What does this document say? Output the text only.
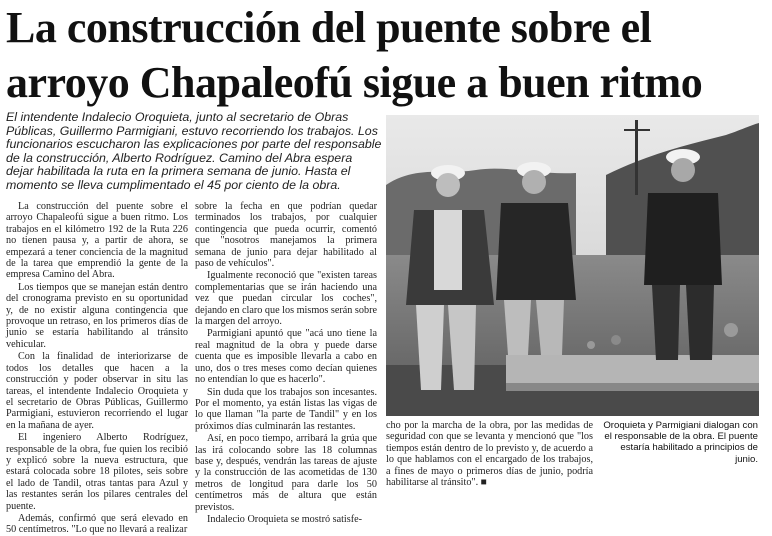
La construcción del puente sobre el
arroyo Chapaleofú sigue a buen ritmo
El intendente Indalecio Oroquieta, junto al secretario de Obras Públicas, Guillermo Parmigiani, estuvo recorriendo los trabajos. Los funcionarios escucharon las explicaciones por parte del responsable de la construcción, Alberto Rodríguez. Camino del Abra espera dejar habilitada la ruta en la primera semana de junio. Hasta el momento se lleva cumplimentado el 45 por ciento de la obra.
Oroquieta y Parmigiani dialogan con el responsable de la obra. El puente estaría habilitado a principios de junio.

La construcción del puente sobre el arroyo Chapaleofú sigue a buen ritmo. Los trabajos en el kilómetro 192 de la Ruta 226 no tienen pausa y, a partir de ahora, se empezará a tener conciencia de la magnitud de la tarea que emprendió la gente de la empresa Camino del Abra.

Los tiempos que se manejan están dentro del cronograma previsto en su oportunidad y, de no existir alguna contingencia que provoque un retraso, en los primeros días de junio se estaría habilitando al tránsito vehicular.

Con la finalidad de interiorizarse de todos los detalles que hacen a la construcción y poder observar in situ las tareas, el intendente Indalecio Oroquieta y el secretario de Obras Públicas, Guillermo Parmigiani, estuvieron recorriendo el lugar en la mañana de ayer.

El ingeniero Alberto Rodríguez, responsable de la obra, fue quien los recibió y explicó sobre la nueva estructura, que estará colocada sobre 18 pilotes, seis sobre el lado de Tandil, otras tantas para Azul y las restantes serán los pilares centrales del puente.

Además, confirmó que será elevado en 50 centímetros. "Lo que no llevará a realizar

sobre la fecha en que podrían quedar terminados los trabajos, por cualquier contingencia que pueda ocurrir, comentó que "nosotros manejamos la primera semana de junio para dejar habilitado al paso de vehículos".

Igualmente reconoció que "existen tareas complementarias que se irán haciendo una vez que puedan circular los coches", dejando en claro que los mismos serán sobre la margen del arroyo.

Parmigiani apuntó que "acá uno tiene la real magnitud de la obra y puede darse cuenta que es imposible llevarla a cabo en uno, dos o tres meses como decían quienes no entendían lo que es hacerlo".

Sin duda que los trabajos son incesantes. Por el momento, ya están listas las vigas de lo que llaman "la parte de Tandil" y en los próximos días culminarán las restantes.

Así, en poco tiempo, arribará la grúa que las irá colocando sobre las 18 columnas base y, después, vendrán las tareas de ajuste y la construcción de las acometidas de 130 metros de longitud para darle los 50 centímetros más de altura que están previstos.

Indalecio Oroquieta se mostró satisfe-

cho por la marcha de la obra, por las medidas de seguridad con que se levanta y mencionó que "los tiempos están dentro de lo previsto y, de acuerdo a lo que hablamos con el encargado de los trabajos, a fines de mayo o primeros días de junio, podría habilitarse al tránsito". ■
